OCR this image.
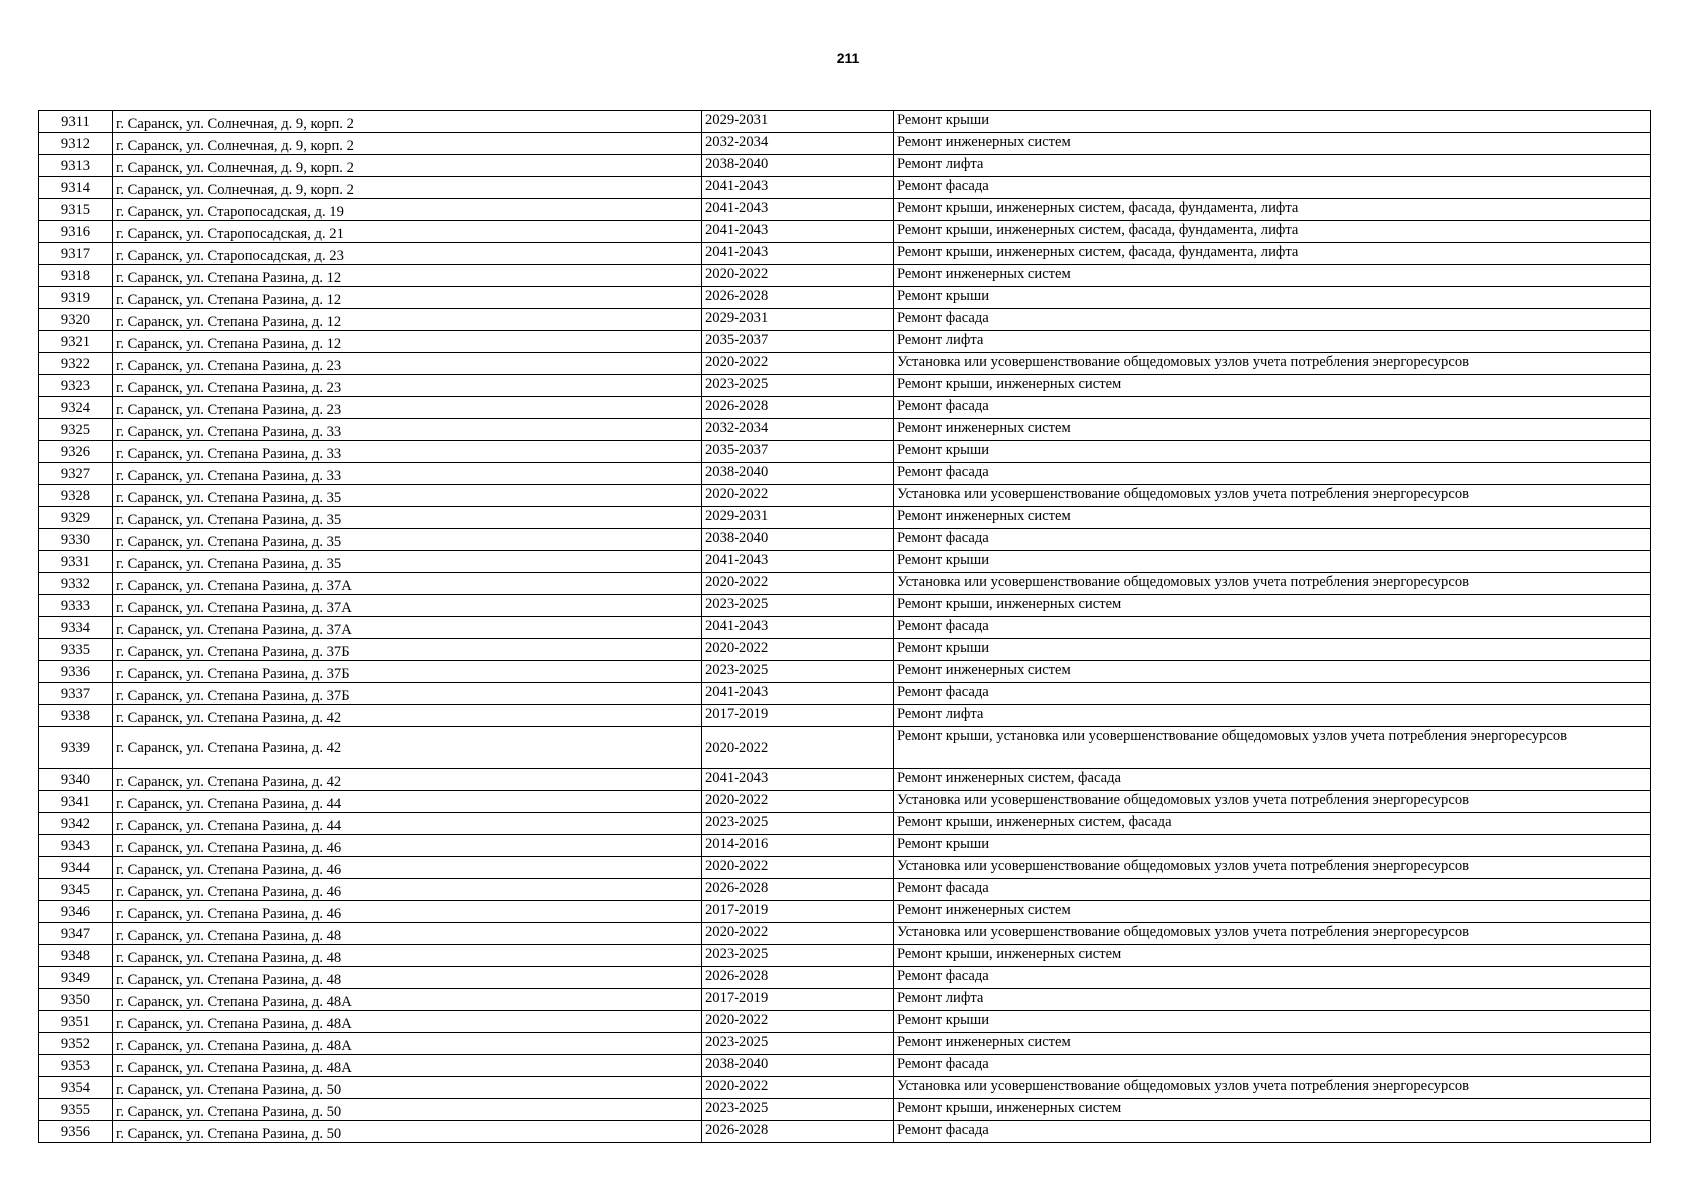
211
9311	г. Саранск, ул. Солнечная, д. 9, корп. 2	2029-2031	Ремонт крыши
9312	г. Саранск, ул. Солнечная, д. 9, корп. 2	2032-2034	Ремонт инженерных систем
9313	г. Саранск, ул. Солнечная, д. 9, корп. 2	2038-2040	Ремонт лифта
9314	г. Саранск, ул. Солнечная, д. 9, корп. 2	2041-2043	Ремонт фасада
9315	г. Саранск, ул. Старопосадская, д. 19	2041-2043	Ремонт крыши, инженерных систем, фасада, фундамента, лифта
9316	г. Саранск, ул. Старопосадская, д. 21	2041-2043	Ремонт крыши, инженерных систем, фасада, фундамента, лифта
9317	г. Саранск, ул. Старопосадская, д. 23	2041-2043	Ремонт крыши, инженерных систем, фасада, фундамента, лифта
9318	г. Саранск, ул. Степана Разина, д. 12	2020-2022	Ремонт инженерных систем
9319	г. Саранск, ул. Степана Разина, д. 12	2026-2028	Ремонт крыши
9320	г. Саранск, ул. Степана Разина, д. 12	2029-2031	Ремонт фасада
9321	г. Саранск, ул. Степана Разина, д. 12	2035-2037	Ремонт лифта
9322	г. Саранск, ул. Степана Разина, д. 23	2020-2022	Установка или усовершенствование общедомовых узлов учета потребления энергоресурсов
9323	г. Саранск, ул. Степана Разина, д. 23	2023-2025	Ремонт крыши, инженерных систем
9324	г. Саранск, ул. Степана Разина, д. 23	2026-2028	Ремонт фасада
9325	г. Саранск, ул. Степана Разина, д. 33	2032-2034	Ремонт инженерных систем
9326	г. Саранск, ул. Степана Разина, д. 33	2035-2037	Ремонт крыши
9327	г. Саранск, ул. Степана Разина, д. 33	2038-2040	Ремонт фасада
9328	г. Саранск, ул. Степана Разина, д. 35	2020-2022	Установка или усовершенствование общедомовых узлов учета потребления энергоресурсов
9329	г. Саранск, ул. Степана Разина, д. 35	2029-2031	Ремонт инженерных систем
9330	г. Саранск, ул. Степана Разина, д. 35	2038-2040	Ремонт фасада
9331	г. Саранск, ул. Степана Разина, д. 35	2041-2043	Ремонт крыши
9332	г. Саранск, ул. Степана Разина, д. 37А	2020-2022	Установка или усовершенствование общедомовых узлов учета потребления энергоресурсов
9333	г. Саранск, ул. Степана Разина, д. 37А	2023-2025	Ремонт крыши, инженерных систем
9334	г. Саранск, ул. Степана Разина, д. 37А	2041-2043	Ремонт фасада
9335	г. Саранск, ул. Степана Разина, д. 37Б	2020-2022	Ремонт крыши
9336	г. Саранск, ул. Степана Разина, д. 37Б	2023-2025	Ремонт инженерных систем
9337	г. Саранск, ул. Степана Разина, д. 37Б	2041-2043	Ремонт фасада
9338	г. Саранск, ул. Степана Разина, д. 42	2017-2019	Ремонт лифта
9339	г. Саранск, ул. Степана Разина, д. 42	2020-2022	Ремонт крыши, установка или усовершенствование общедомовых узлов учета потребления энергоресурсов
9340	г. Саранск, ул. Степана Разина, д. 42	2041-2043	Ремонт инженерных систем, фасада
9341	г. Саранск, ул. Степана Разина, д. 44	2020-2022	Установка или усовершенствование общедомовых узлов учета потребления энергоресурсов
9342	г. Саранск, ул. Степана Разина, д. 44	2023-2025	Ремонт крыши, инженерных систем, фасада
9343	г. Саранск, ул. Степана Разина, д. 46	2014-2016	Ремонт крыши
9344	г. Саранск, ул. Степана Разина, д. 46	2020-2022	Установка или усовершенствование общедомовых узлов учета потребления энергоресурсов
9345	г. Саранск, ул. Степана Разина, д. 46	2026-2028	Ремонт фасада
9346	г. Саранск, ул. Степана Разина, д. 46	2017-2019	Ремонт инженерных систем
9347	г. Саранск, ул. Степана Разина, д. 48	2020-2022	Установка или усовершенствование общедомовых узлов учета потребления энергоресурсов
9348	г. Саранск, ул. Степана Разина, д. 48	2023-2025	Ремонт крыши, инженерных систем
9349	г. Саранск, ул. Степана Разина, д. 48	2026-2028	Ремонт фасада
9350	г. Саранск, ул. Степана Разина, д. 48А	2017-2019	Ремонт лифта
9351	г. Саранск, ул. Степана Разина, д. 48А	2020-2022	Ремонт крыши
9352	г. Саранск, ул. Степана Разина, д. 48А	2023-2025	Ремонт инженерных систем
9353	г. Саранск, ул. Степана Разина, д. 48А	2038-2040	Ремонт фасада
9354	г. Саранск, ул. Степана Разина, д. 50	2020-2022	Установка или усовершенствование общедомовых узлов учета потребления энергоресурсов
9355	г. Саранск, ул. Степана Разина, д. 50	2023-2025	Ремонт крыши, инженерных систем
9356	г. Саранск, ул. Степана Разина, д. 50	2026-2028	Ремонт фасада
